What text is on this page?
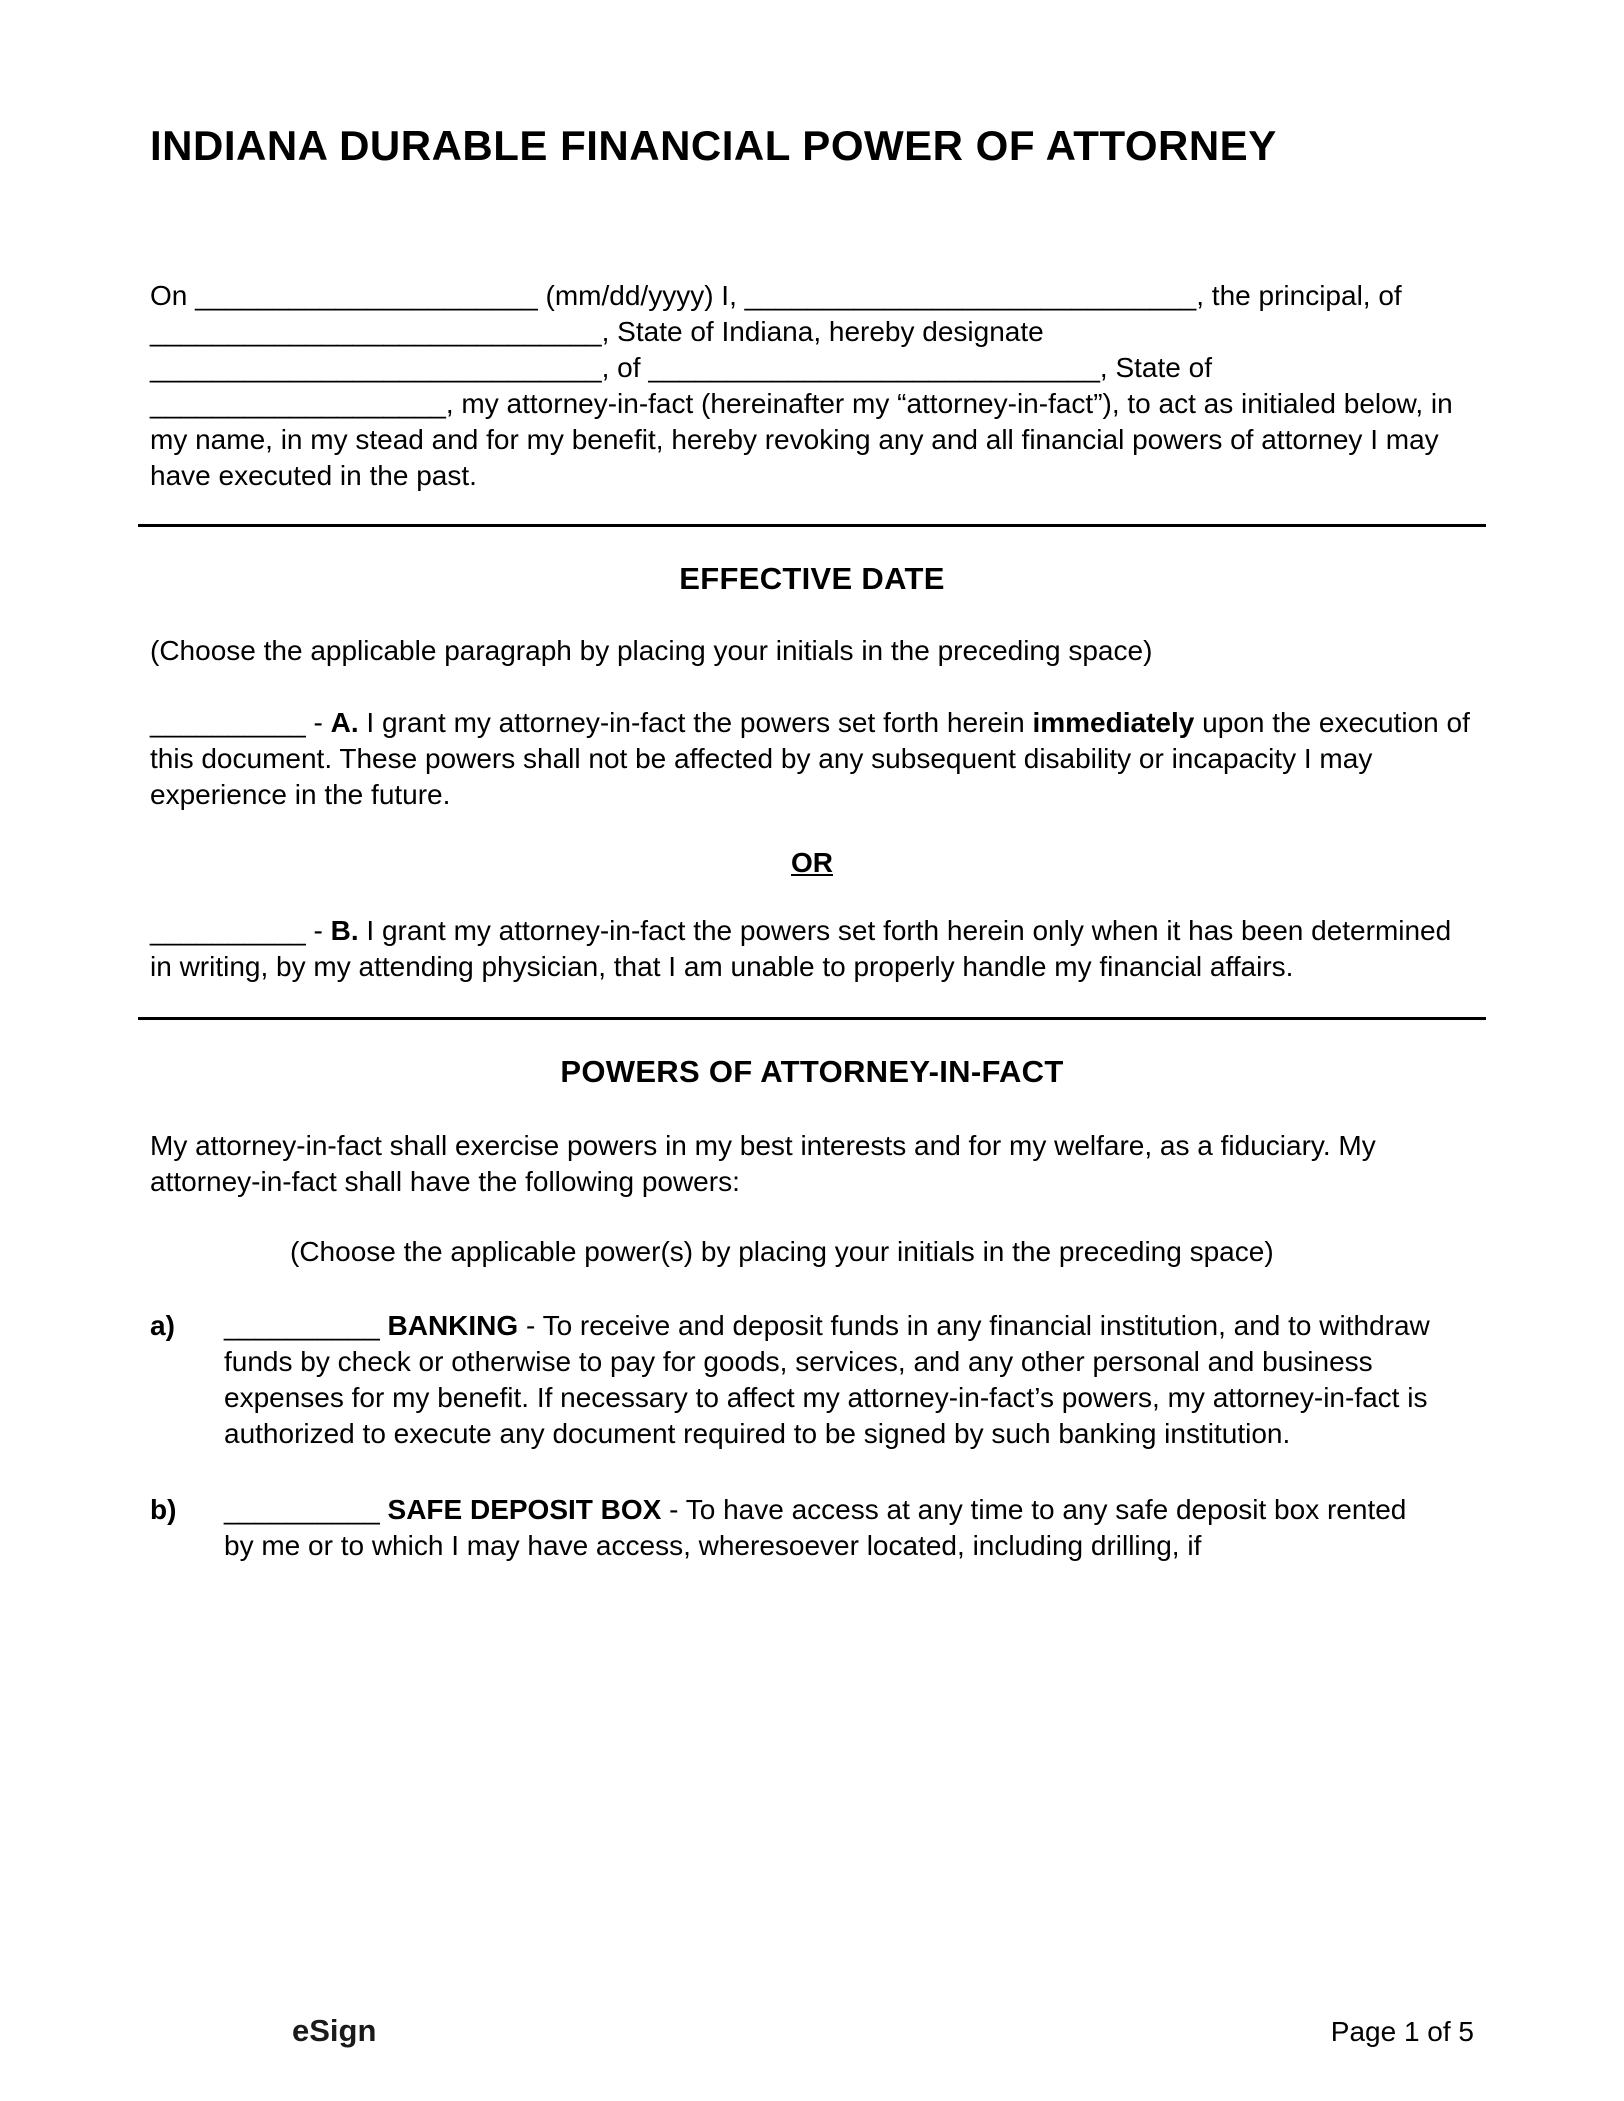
INDIANA DURABLE FINANCIAL POWER OF ATTORNEY

On ______________________ (mm/dd/yyyy) I, _____________________________, the principal, of _____________________________, State of Indiana, hereby designate _____________________________, of _____________________________, State of ___________________, my attorney-in-fact (hereinafter my “attorney-in-fact”), to act as initialed below, in my name, in my stead and for my benefit, hereby revoking any and all financial powers of attorney I may have executed in the past.

EFFECTIVE DATE

(Choose the applicable paragraph by placing your initials in the preceding space)

__________ - A. I grant my attorney-in-fact the powers set forth herein immediately upon the execution of this document. These powers shall not be affected by any subsequent disability or incapacity I may experience in the future.

OR

__________ - B. I grant my attorney-in-fact the powers set forth herein only when it has been determined in writing, by my attending physician, that I am unable to properly handle my financial affairs.

POWERS OF ATTORNEY-IN-FACT

My attorney-in-fact shall exercise powers in my best interests and for my welfare, as a fiduciary. My attorney-in-fact shall have the following powers:

(Choose the applicable power(s) by placing your initials in the preceding space)

a)	__________ BANKING - To receive and deposit funds in any financial institution, and to withdraw funds by check or otherwise to pay for goods, services, and any other personal and business expenses for my benefit. If necessary to affect my attorney-in-fact’s powers, my attorney-in-fact is authorized to execute any document required to be signed by such banking institution.
b)	__________ SAFE DEPOSIT BOX - To have access at any time to any safe deposit box rented by me or to which I may have access, wheresoever located, including drilling, if
eSign	Page 1 of 5
